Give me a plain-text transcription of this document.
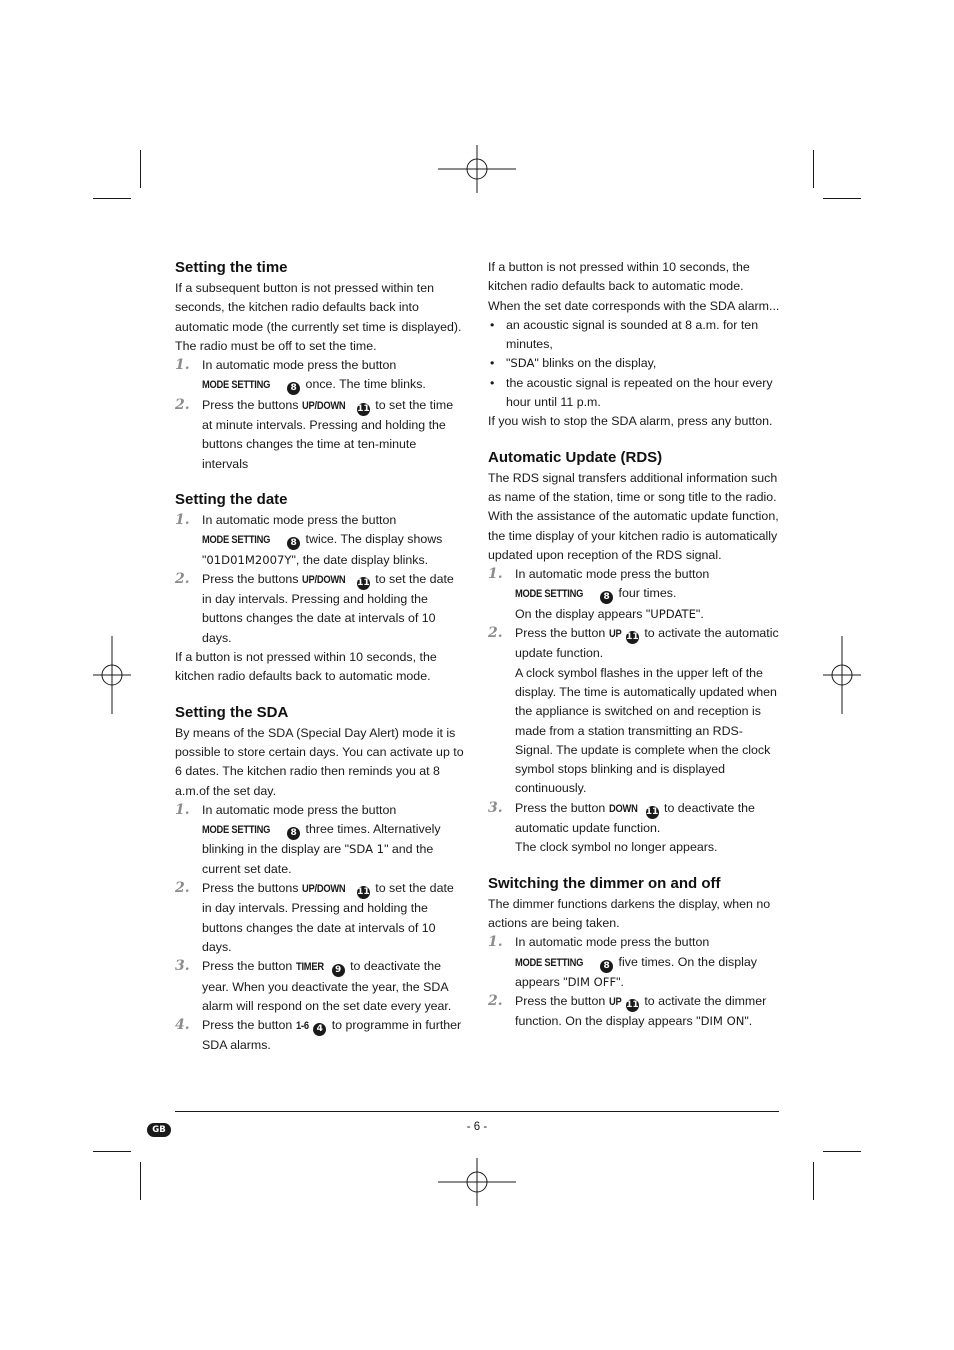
Setting the time

If a subsequent button is not pressed within ten seconds, the kitchen radio defaults back into automatic mode (the currently set time is displayed).

The radio must be off to set the time.

1. In automatic mode press the button MODE SETTING 8 once. The time blinks.
2. Press the buttons UP/DOWN 11 to set the time at minute intervals. Pressing and holding the buttons changes the time at ten-minute intervals
Setting the date
1. In automatic mode press the button MODE SETTING 8 twice. The display shows "01D01M2007Y", the date display blinks.
2. Press the buttons UP/DOWN 11 to set the date in day intervals. Pressing and holding the buttons changes the date at intervals of 10 days.

If a button is not pressed within 10 seconds, the kitchen radio defaults back to automatic mode.

Setting the SDA

By means of the SDA (Special Day Alert) mode it is possible to store certain days. You can activate up to 6 dates. The kitchen radio then reminds you at 8 a.m.of the set day.

1. In automatic mode press the button MODE SETTING 8 three times. Alternatively blinking in the display are "SDA 1" and the current set date.
2. Press the buttons UP/DOWN 11 to set the date in day intervals. Pressing and holding the buttons changes the date at intervals of 10 days.
3. Press the button TIMER 9 to deactivate the year. When you deactivate the year, the SDA alarm will respond on the set date every year.
4. Press the button 1-6 4 to programme in further SDA alarms.

If a button is not pressed within 10 seconds, the kitchen radio defaults back to automatic mode.

When the set date corresponds with the SDA alarm...

• an acoustic signal is sounded at 8 a.m. for ten minutes,
• "SDA" blinks on the display,
• the acoustic signal is repeated on the hour every hour until 11 p.m.

If you wish to stop the SDA alarm, press any button.

Automatic Update (RDS)

The RDS signal transfers additional information such as name of the station, time or song title to the radio. With the assistance of the automatic update function, the time display of your kitchen radio is automatically updated upon reception of the RDS signal.

1. In automatic mode press the button MODE SETTING 8 four times.
On the display appears "UPDATE".
2. Press the button UP 11 to activate the automatic update function.
A clock symbol flashes in the upper left of the display. The time is automatically updated when the appliance is switched on and reception is made from a station transmitting an RDS-Signal. The update is complete when the clock symbol stops blinking and is displayed continuously.
3. Press the button DOWN 11 to deactivate the automatic update function.
The clock symbol no longer appears.
Switching the dimmer on and off

The dimmer functions darkens the display, when no actions are being taken.

1. In automatic mode press the button MODE SETTING 8 five times. On the display appears "DIM OFF".
2. Press the button UP 11 to activate the dimmer function. On the display appears "DIM ON".
GB	- 6 -
